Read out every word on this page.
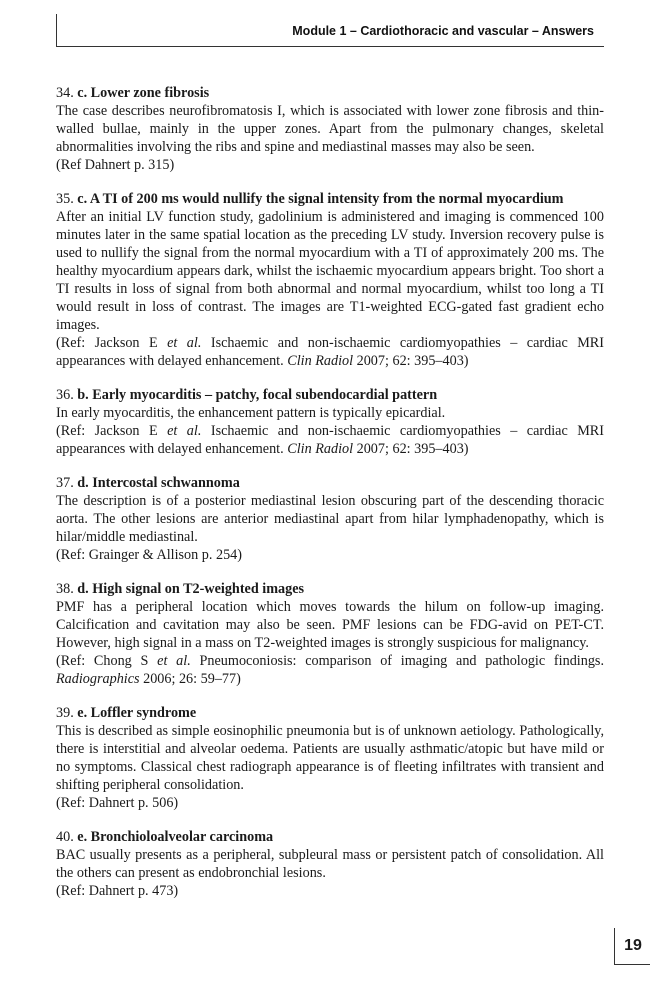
Module 1 – Cardiothoracic and vascular – Answers

34. c. Lower zone fibrosis

The case describes neurofibromatosis I, which is associated with lower zone fibrosis and thin-walled bullae, mainly in the upper zones. Apart from the pulmonary changes, skeletal abnormalities involving the ribs and spine and mediastinal masses may also be seen.

(Ref Dahnert p. 315)

35. c. A TI of 200 ms would nullify the signal intensity from the normal myocardium

After an initial LV function study, gadolinium is administered and imaging is commenced 100 minutes later in the same spatial location as the preceding LV study. Inversion recovery pulse is used to nullify the signal from the normal myocardium with a TI of approximately 200 ms. The healthy myocardium appears dark, whilst the ischaemic myocardium appears bright. Too short a TI results in loss of signal from both abnormal and normal myocardium, whilst too long a TI would result in loss of contrast. The images are T1-weighted ECG-gated fast gradient echo images.

(Ref: Jackson E et al. Ischaemic and non-ischaemic cardiomyopathies – cardiac MRI appearances with delayed enhancement. Clin Radiol 2007; 62: 395–403)

36. b. Early myocarditis – patchy, focal subendocardial pattern

In early myocarditis, the enhancement pattern is typically epicardial.

(Ref: Jackson E et al. Ischaemic and non-ischaemic cardiomyopathies – cardiac MRI appearances with delayed enhancement. Clin Radiol 2007; 62: 395–403)

37. d. Intercostal schwannoma

The description is of a posterior mediastinal lesion obscuring part of the descending thoracic aorta. The other lesions are anterior mediastinal apart from hilar lymphadenopathy, which is hilar/middle mediastinal.

(Ref: Grainger & Allison p. 254)

38. d. High signal on T2-weighted images

PMF has a peripheral location which moves towards the hilum on follow-up imaging. Calcification and cavitation may also be seen. PMF lesions can be FDG-avid on PET-CT. However, high signal in a mass on T2-weighted images is strongly suspicious for malignancy.

(Ref: Chong S et al. Pneumoconiosis: comparison of imaging and pathologic findings. Radiographics 2006; 26: 59–77)

39. e. Loffler syndrome

This is described as simple eosinophilic pneumonia but is of unknown aetiology. Pathologically, there is interstitial and alveolar oedema. Patients are usually asthmatic/atopic but have mild or no symptoms. Classical chest radiograph appearance is of fleeting infiltrates with transient and shifting peripheral consolidation.

(Ref: Dahnert p. 506)

40. e. Bronchioloalveolar carcinoma

BAC usually presents as a peripheral, subpleural mass or persistent patch of consolidation. All the others can present as endobronchial lesions.

(Ref: Dahnert p. 473)

19
